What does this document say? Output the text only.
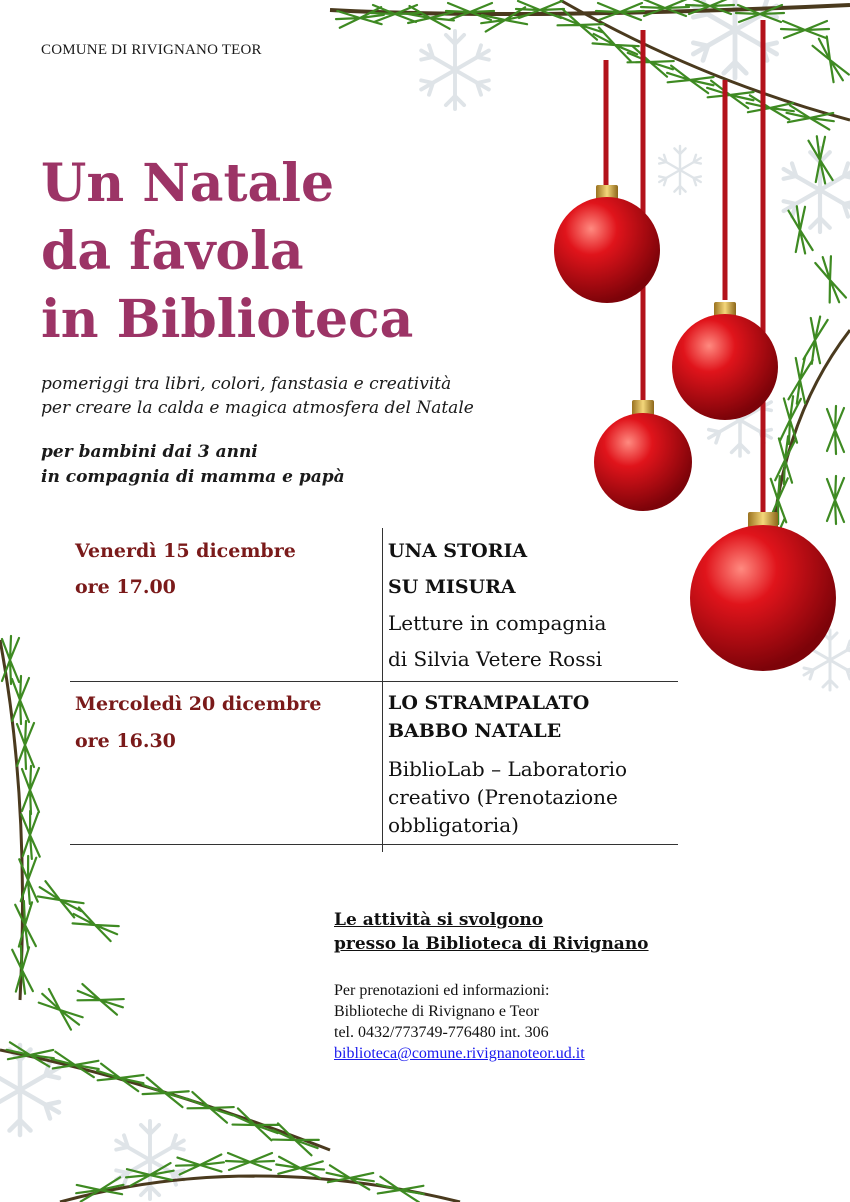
COMUNE DI RIVIGNANO TEOR
Un Natale
da favola
in Biblioteca
pomeriggi tra libri, colori, fanstasia e creatività
per creare la calda e magica atmosfera del Natale
per bambini dai 3 anni
in compagnia di mamma e papà
Venerdì 15 dicembre
ore 17.00
UNA STORIA
SU MISURA
Letture in compagnia
di Silvia Vetere Rossi
Mercoledì 20 dicembre
ore 16.30
LO STRAMPALATO
BABBO NATALE
BiblioLab – Laboratorio
creativo (Prenotazione
obbligatoria)
Le attività si svolgono
presso la Biblioteca di Rivignano
Per prenotazioni ed informazioni:
Biblioteche di Rivignano e Teor
tel. 0432/773749-776480 int. 306
biblioteca@comune.rivignanoteor.ud.it
